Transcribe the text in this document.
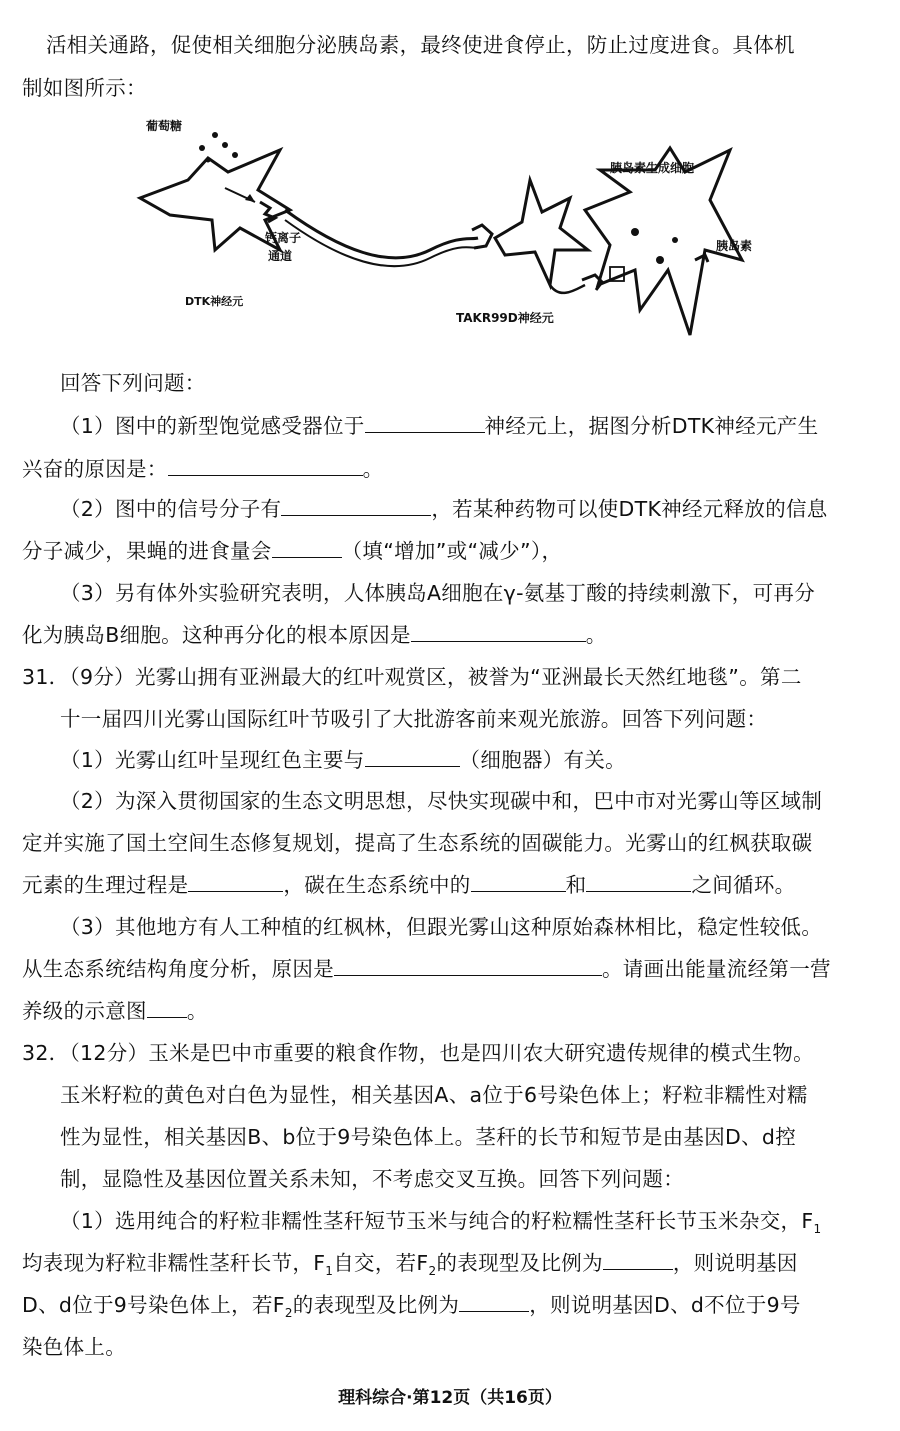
活相关通路，促使相关细胞分泌胰岛素，最终使进食停止，防止过度进食。具体机
制如图所示：
葡萄糖
钙离子
通道
DTK神经元
TAKR99D神经元
胰岛素生成细胞
胰岛素
回答下列问题：
（1）图中的新型饱觉感受器位于	神经元上，据图分析DTK神经元产生
兴奋的原因是：	。
（2）图中的信号分子有	，若某种药物可以使DTK神经元释放的信息
分子减少，果蝇的进食量会	（填“增加”或“减少”），
（3）另有体外实验研究表明，人体胰岛A细胞在γ-氨基丁酸的持续刺激下，可再分
化为胰岛B细胞。这种再分化的根本原因是	。
31．（9分）光雾山拥有亚洲最大的红叶观赏区，被誉为“亚洲最长天然红地毯”。第二
十一届四川光雾山国际红叶节吸引了大批游客前来观光旅游。回答下列问题：
（1）光雾山红叶呈现红色主要与	（细胞器）有关。
（2）为深入贯彻国家的生态文明思想，尽快实现碳中和，巴中市对光雾山等区域制
定并实施了国土空间生态修复规划，提高了生态系统的固碳能力。光雾山的红枫获取碳
元素的生理过程是	，碳在生态系统中的	和	之间循环。
（3）其他地方有人工种植的红枫林，但跟光雾山这种原始森林相比，稳定性较低。
从生态系统结构角度分析，原因是	。请画出能量流经第一营
养级的示意图 。
32．（12分）玉米是巴中市重要的粮食作物，也是四川农大研究遗传规律的模式生物。
玉米籽粒的黄色对白色为显性，相关基因A、a位于6号染色体上；籽粒非糯性对糯
性为显性，相关基因B、b位于9号染色体上。茎秆的长节和短节是由基因D、d控
制，显隐性及基因位置关系未知，不考虑交叉互换。回答下列问题：
（1）选用纯合的籽粒非糯性茎秆短节玉米与纯合的籽粒糯性茎秆长节玉米杂交，$F_1$
均表现为籽粒非糯性茎秆长节，$F_1$自交，若$F_2$的表现型及比例为	，则说明基因
D、d位于9号染色体上，若$F_2$的表现型及比例为	，则说明基因D、d不位于9号
染色体上。
理科综合·第12页（共16页）
